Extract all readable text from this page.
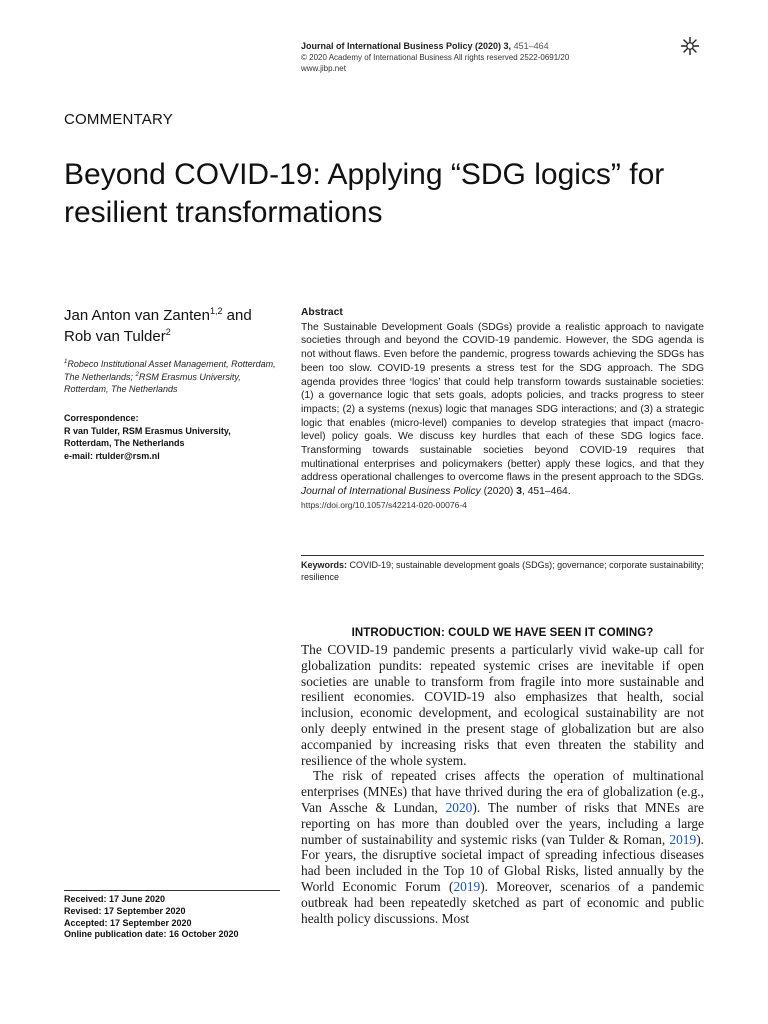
Journal of International Business Policy (2020) 3, 451–464
© 2020 Academy of International Business All rights reserved 2522-0691/20
www.jibp.net
COMMENTARY
Beyond COVID-19: Applying “SDG logics” for resilient transformations
Jan Anton van Zanten$^{1,2}$ and
Rob van Tulder$^2$
$^1$Robeco Institutional Asset Management, Rotterdam, The Netherlands; $^2$RSM Erasmus University, Rotterdam, The Netherlands
Correspondence:
R van Tulder, RSM Erasmus University,
Rotterdam, The Netherlands
e-mail: rtulder@rsm.nl
Abstract
The Sustainable Development Goals (SDGs) provide a realistic approach to navigate societies through and beyond the COVID-19 pandemic. However, the SDG agenda is not without flaws. Even before the pandemic, progress towards achieving the SDGs has been too slow. COVID-19 presents a stress test for the SDG approach. The SDG agenda provides three ‘logics’ that could help transform towards sustainable societies: (1) a governance logic that sets goals, adopts policies, and tracks progress to steer impacts; (2) a systems (nexus) logic that manages SDG interactions; and (3) a strategic logic that enables (micro-level) companies to develop strategies that impact (macro-level) policy goals. We discuss key hurdles that each of these SDG logics face. Transforming towards sustainable societies beyond COVID-19 requires that multinational enterprises and policymakers (better) apply these logics, and that they address operational challenges to overcome flaws in the present approach to the SDGs. Journal of International Business Policy (2020) 3, 451–464.
https://doi.org/10.1057/s42214-020-00076-4
Keywords: COVID-19; sustainable development goals (SDGs); governance; corporate sustainability; resilience
INTRODUCTION: COULD WE HAVE SEEN IT COMING?

The COVID-19 pandemic presents a particularly vivid wake-up call for globalization pundits: repeated systemic crises are inevitable if open societies are unable to transform from fragile into more sustainable and resilient economies. COVID-19 also emphasizes that health, social inclusion, economic development, and ecological sustainability are not only deeply entwined in the present stage of globalization but are also accompanied by increasing risks that even threaten the stability and resilience of the whole system.

The risk of repeated crises affects the operation of multinational enterprises (MNEs) that have thrived during the era of globalization (e.g., Van Assche & Lundan, 2020). The number of risks that MNEs are reporting on has more than doubled over the years, including a large number of sustainability and systemic risks (van Tulder & Roman, 2019). For years, the disruptive societal impact of spreading infectious diseases had been included in the Top 10 of Global Risks, listed annually by the World Economic Forum (2019). Moreover, scenarios of a pandemic outbreak had been repeatedly sketched as part of economic and public health policy discussions. Most

Received: 17 June 2020
Revised: 17 September 2020
Accepted: 17 September 2020
Online publication date: 16 October 2020
